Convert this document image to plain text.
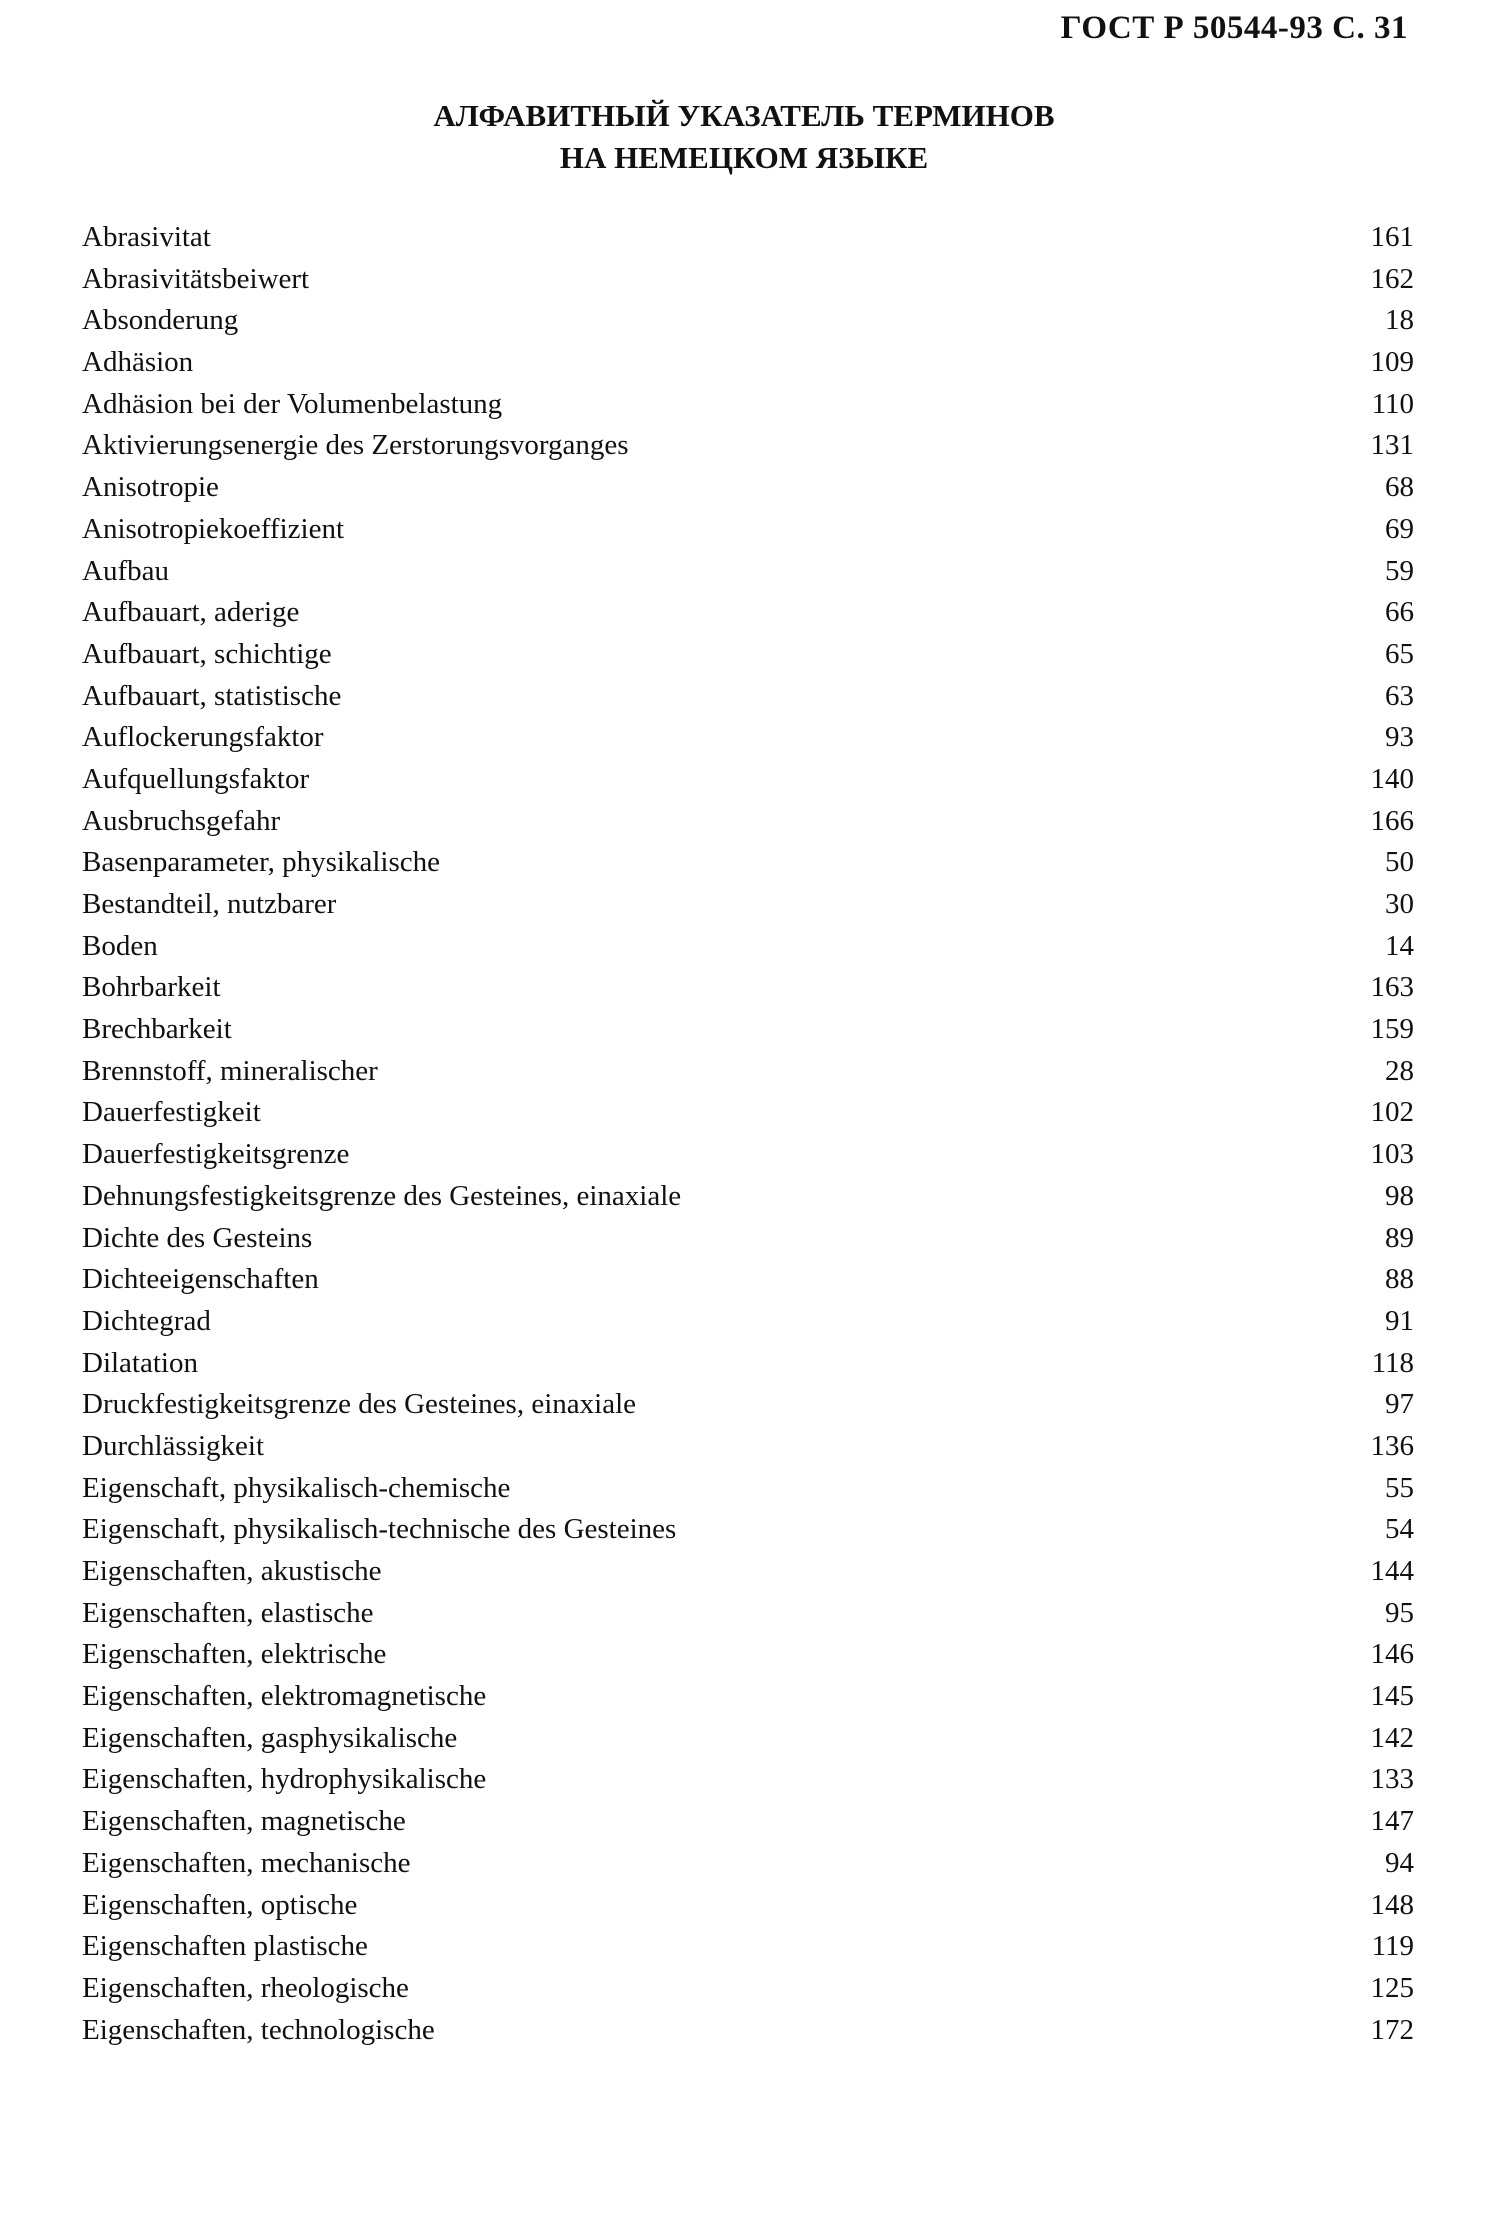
ГОСТ Р 50544-93 С. 31
АЛФАВИТНЫЙ УКАЗАТЕЛЬ ТЕРМИНОВ
НА НЕМЕЦКОМ ЯЗЫКЕ
Abrasivitat	161
Abrasivitätsbeiwert	162
Absonderung	18
Adhäsion	109
Adhäsion bei der Volumenbelastung	110
Aktivierungsenergie des Zerstorungsvorganges	131
Anisotropie	68
Anisotropiekoeffizient	69
Aufbau	59
Aufbauart, aderige	66
Aufbauart, schichtige	65
Aufbauart, statistische	63
Auflockerungsfaktor	93
Aufquellungsfaktor	140
Ausbruchsgefahr	166
Basenparameter, physikalische	50
Bestandteil, nutzbarer	30
Boden	14
Bohrbarkeit	163
Brechbarkeit	159
Brennstoff, mineralischer	28
Dauerfestigkeit	102
Dauerfestigkeitsgrenze	103
Dehnungsfestigkeitsgrenze des Gesteines, einaxiale	98
Dichte des Gesteins	89
Dichteeigenschaften	88
Dichtegrad	91
Dilatation	118
Druckfestigkeitsgrenze des Gesteines, einaxiale	97
Durchlässigkeit	136
Eigenschaft, physikalisch-chemische	55
Eigenschaft, physikalisch-technische des Gesteines	54
Eigenschaften, akustische	144
Eigenschaften, elastische	95
Eigenschaften, elektrische	146
Eigenschaften, elektromagnetische	145
Eigenschaften, gasphysikalische	142
Eigenschaften, hydrophysikalische	133
Eigenschaften, magnetische	147
Eigenschaften, mechanische	94
Eigenschaften, optische	148
Eigenschaften plastische	119
Eigenschaften, rheologische	125
Eigenschaften, technologische	172
